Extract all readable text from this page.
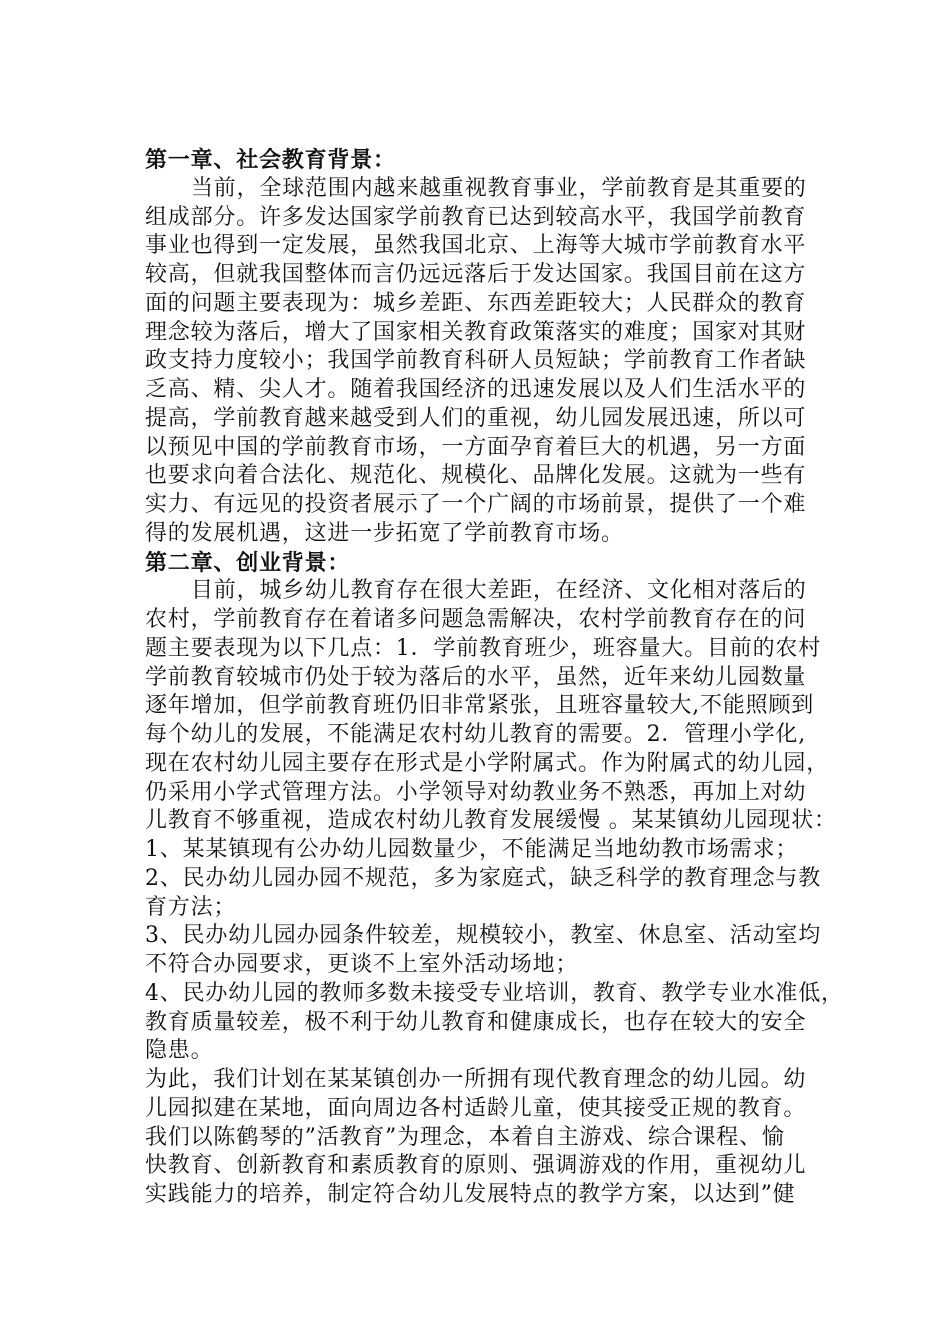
第一章、社会教育背景：
当前，全球范围内越来越重视教育事业，学前教育是其重要的
组成部分。许多发达国家学前教育已达到较高水平，我国学前教育
事业也得到一定发展，虽然我国北京、上海等大城市学前教育水平
较高，但就我国整体而言仍远远落后于发达国家。我国目前在这方
面的问题主要表现为：城乡差距、东西差距较大；人民群众的教育
理念较为落后，增大了国家相关教育政策落实的难度；国家对其财
政支持力度较小；我国学前教育科研人员短缺；学前教育工作者缺
乏高、精、尖人才。随着我国经济的迅速发展以及人们生活水平的
提高，学前教育越来越受到人们的重视，幼儿园发展迅速，所以可
以预见中国的学前教育市场，一方面孕育着巨大的机遇，另一方面
也要求向着合法化、规范化、规模化、品牌化发展。这就为一些有
实力、有远见的投资者展示了一个广阔的市场前景，提供了一个难
得的发展机遇，这进一步拓宽了学前教育市场。
第二章、创业背景：
目前，城乡幼儿教育存在很大差距，在经济、文化相对落后的
农村，学前教育存在着诸多问题急需解决，农村学前教育存在的问
题主要表现为以下几点：1．学前教育班少，班容量大。目前的农村
学前教育较城市仍处于较为落后的水平，虽然，近年来幼儿园数量
逐年增加，但学前教育班仍旧非常紧张，且班容量较大,不能照顾到
每个幼儿的发展，不能满足农村幼儿教育的需要。2．管理小学化,
现在农村幼儿园主要存在形式是小学附属式。作为附属式的幼儿园，
仍采用小学式管理方法。小学领导对幼教业务不熟悉，再加上对幼
儿教育不够重视，造成农村幼儿教育发展缓慢 。某某镇幼儿园现状：
1、某某镇现有公办幼儿园数量少，不能满足当地幼教市场需求；
2、民办幼儿园办园不规范，多为家庭式，缺乏科学的教育理念与教
育方法；
3、民办幼儿园办园条件较差，规模较小，教室、休息室、活动室均
不符合办园要求，更谈不上室外活动场地；
4、民办幼儿园的教师多数未接受专业培训，教育、教学专业水准低，
教育质量较差，极不利于幼儿教育和健康成长，也存在较大的安全
隐患。
为此，我们计划在某某镇创办一所拥有现代教育理念的幼儿园。幼
儿园拟建在某地，面向周边各村适龄儿童，使其接受正规的教育。
我们以陈鹤琴的”活教育”为理念，本着自主游戏、综合课程、愉
快教育、创新教育和素质教育的原则、强调游戏的作用，重视幼儿
实践能力的培养，制定符合幼儿发展特点的教学方案，以达到”健
